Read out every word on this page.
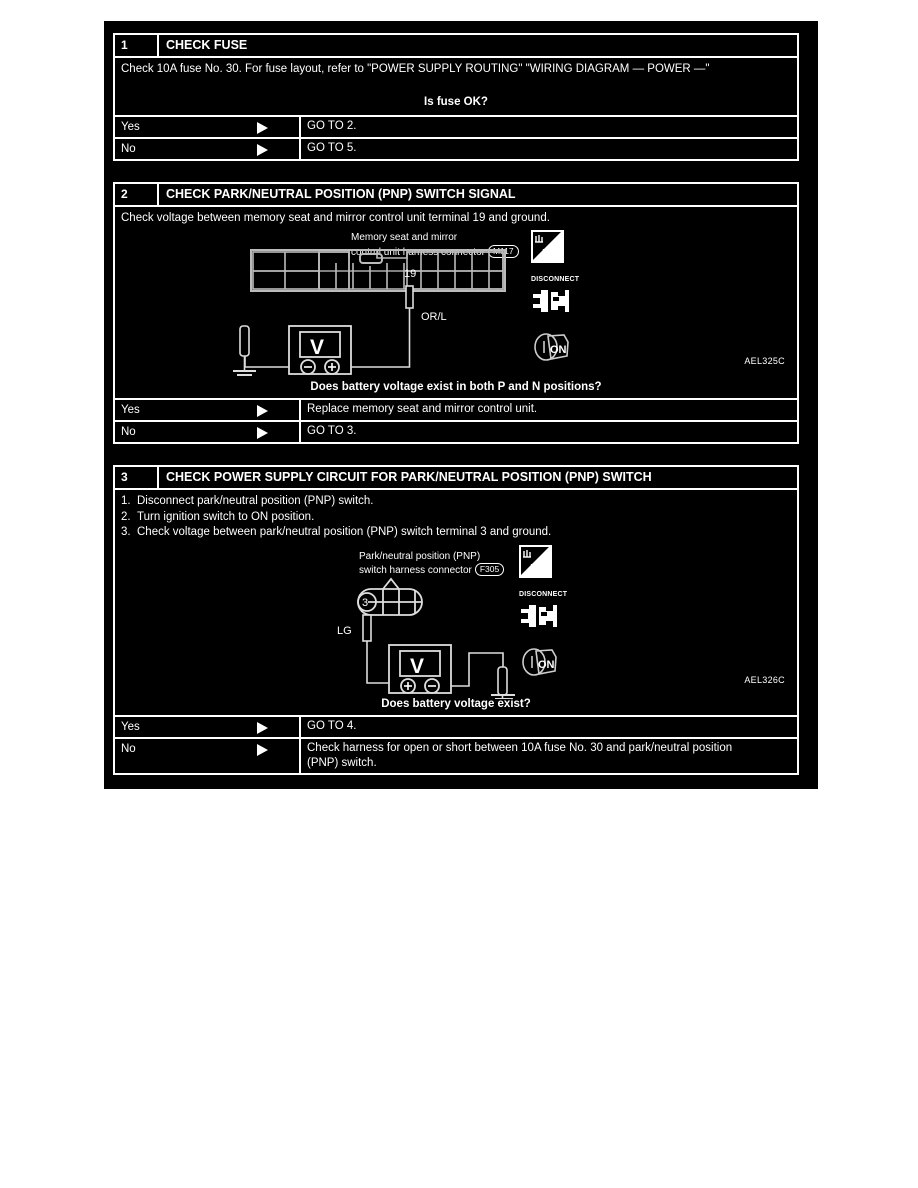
1	CHECK FUSE
Check 10A fuse No. 30. For fuse layout, refer to "POWER SUPPLY ROUTING" "WIRING DIAGRAM — POWER —"
Is fuse OK?
Yes	GO TO 2.
No	GO TO 5.
2	CHECK PARK/NEUTRAL POSITION (PNP) SWITCH SIGNAL
Check voltage between memory seat and mirror control unit terminal 19 and ground.
Memory seat and mirror
control unit harness connector M117
19
OR/L
V
T.S.
DISCONNECT
ON
AEL325C
Does battery voltage exist in both P and N positions?
Yes	Replace memory seat and mirror control unit.
No	GO TO 3.
3	CHECK POWER SUPPLY CIRCUIT FOR PARK/NEUTRAL POSITION (PNP) SWITCH
1. Disconnect park/neutral position (PNP) switch.
2. Turn ignition switch to ON position.
3. Check voltage between park/neutral position (PNP) switch terminal 3 and ground.
Park/neutral position (PNP)
switch harness connector F305
3
LG
V
T.S.
DISCONNECT
ON
AEL326C
Does battery voltage exist?
Yes	GO TO 4.
No	Check harness for open or short between 10A fuse No. 30 and park/neutral position
(PNP) switch.
